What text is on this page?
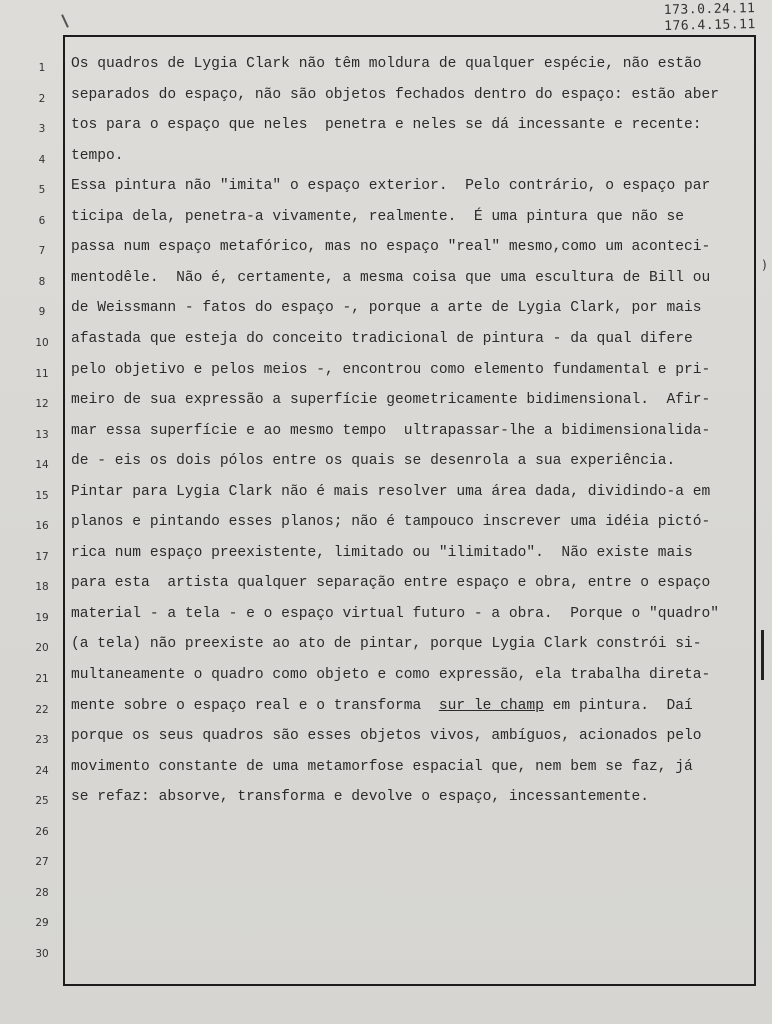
173.0.24.11
176.4.15.11
1
2
3
4
5
6
7
8
9
10
11
12
13
14
15
16
17
18
19
20
21
22
23
24
25
26
27
28
29
30
Os quadros de Lygia Clark não têm moldura de qualquer espécie, não estão
separados do espaço, não são objetos fechados dentro do espaço: estão aber
tos para o espaço que neles  penetra e neles se dá incessante e recente:
tempo.
Essa pintura não "imita" o espaço exterior.  Pelo contrário, o espaço par
ticipa dela, penetra-a vivamente, realmente.  É uma pintura que não se
passa num espaço metafórico, mas no espaço "real" mesmo,como um aconteci-
mentodêle.  Não é, certamente, a mesma coisa que uma escultura de Bill ou
de Weissmann - fatos do espaço -, porque a arte de Lygia Clark, por mais
afastada que esteja do conceito tradicional de pintura - da qual difere
pelo objetivo e pelos meios -, encontrou como elemento fundamental e pri-
meiro de sua expressão a superfície geometricamente bidimensional.  Afir-
mar essa superfície e ao mesmo tempo  ultrapassar-lhe a bidimensionalida-
de - eis os dois pólos entre os quais se desenrola a sua experiência.
Pintar para Lygia Clark não é mais resolver uma área dada, dividindo-a em
planos e pintando esses planos; não é tampouco inscrever uma idéia pictó-
rica num espaço preexistente, limitado ou "ilimitado".  Não existe mais
para esta  artista qualquer separação entre espaço e obra, entre o espaço
material - a tela - e o espaço virtual futuro - a obra.  Porque o "quadro"
(a tela) não preexiste ao ato de pintar, porque Lygia Clark constrói si-
multaneamente o quadro como objeto e como expressão, ela trabalha direta-
mente sobre o espaço real e o transforma  sur le champ em pintura.  Daí
porque os seus quadros são esses objetos vivos, ambíguos, acionados pelo
movimento constante de uma metamorfose espacial que, nem bem se faz, já
se refaz: absorve, transforma e devolve o espaço, incessantemente.
)
